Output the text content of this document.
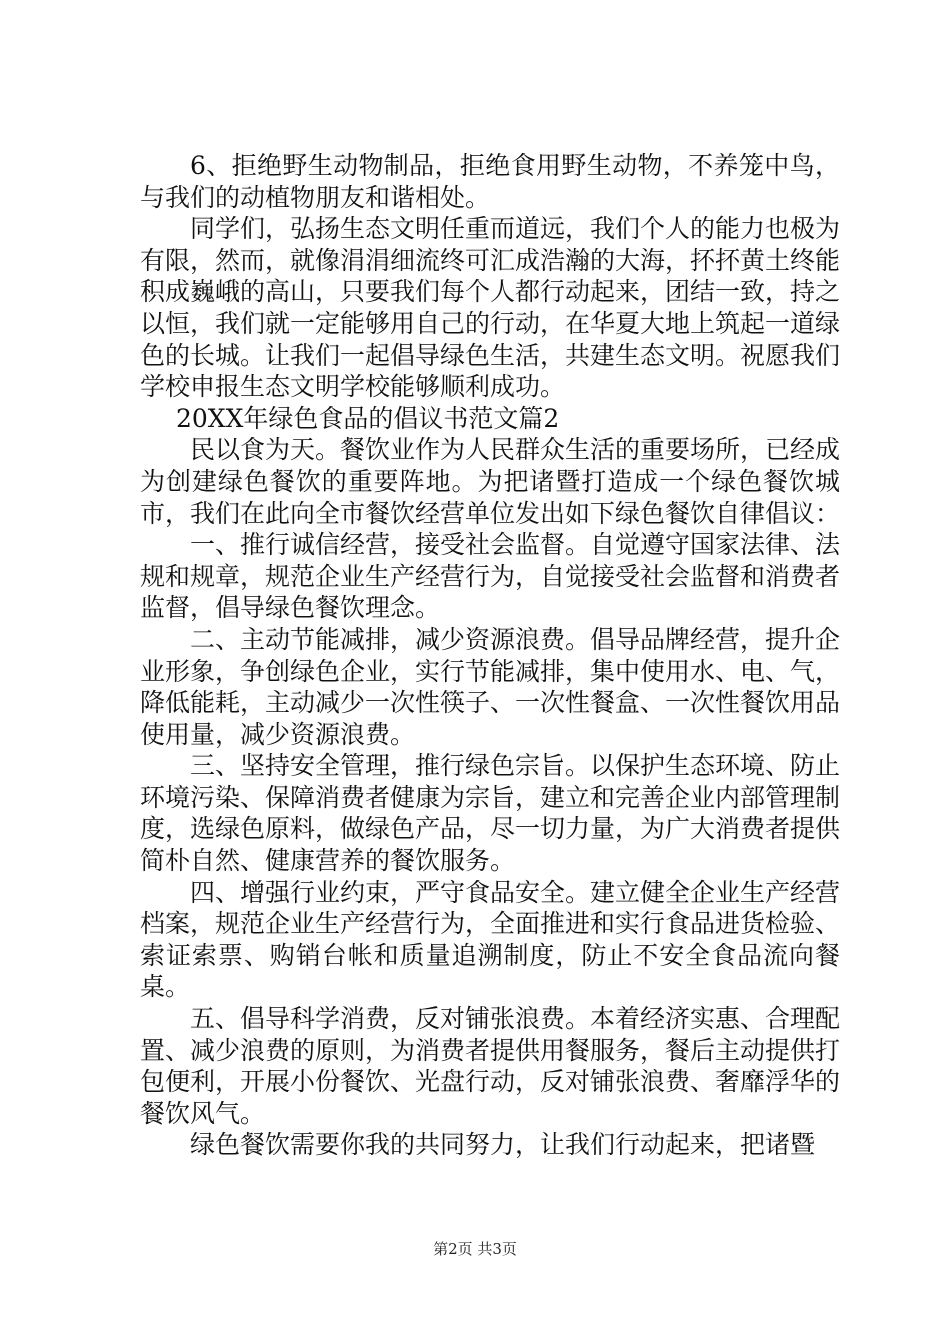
6、拒绝野生动物制品，拒绝食用野生动物，不养笼中鸟，与我们的动植物朋友和谐相处。

同学们，弘扬生态文明任重而道远，我们个人的能力也极为有限，然而，就像涓涓细流终可汇成浩瀚的大海，抔抔黄土终能积成巍峨的高山，只要我们每个人都行动起来，团结一致，持之以恒，我们就一定能够用自己的行动，在华夏大地上筑起一道绿色的长城。让我们一起倡导绿色生活，共建生态文明。祝愿我们学校申报生态文明学校能够顺利成功。

20XX年绿色食品的倡议书范文篇2

民以食为天。餐饮业作为人民群众生活的重要场所，已经成为创建绿色餐饮的重要阵地。为把诸暨打造成一个绿色餐饮城市，我们在此向全市餐饮经营单位发出如下绿色餐饮自律倡议：

一、推行诚信经营，接受社会监督。自觉遵守国家法律、法规和规章，规范企业生产经营行为，自觉接受社会监督和消费者监督，倡导绿色餐饮理念。

二、主动节能减排，减少资源浪费。倡导品牌经营，提升企业形象，争创绿色企业，实行节能减排，集中使用水、电、气，降低能耗，主动减少一次性筷子、一次性餐盒、一次性餐饮用品使用量，减少资源浪费。

三、坚持安全管理，推行绿色宗旨。以保护生态环境、防止环境污染、保障消费者健康为宗旨，建立和完善企业内部管理制度，选绿色原料，做绿色产品，尽一切力量，为广大消费者提供简朴自然、健康营养的餐饮服务。

四、增强行业约束，严守食品安全。建立健全企业生产经营档案，规范企业生产经营行为，全面推进和实行食品进货检验、索证索票、购销台帐和质量追溯制度，防止不安全食品流向餐桌。

五、倡导科学消费，反对铺张浪费。本着经济实惠、合理配置、减少浪费的原则，为消费者提供用餐服务，餐后主动提供打包便利，开展小份餐饮、光盘行动，反对铺张浪费、奢靡浮华的餐饮风气。

绿色餐饮需要你我的共同努力，让我们行动起来，把诸暨

第2页 共3页
